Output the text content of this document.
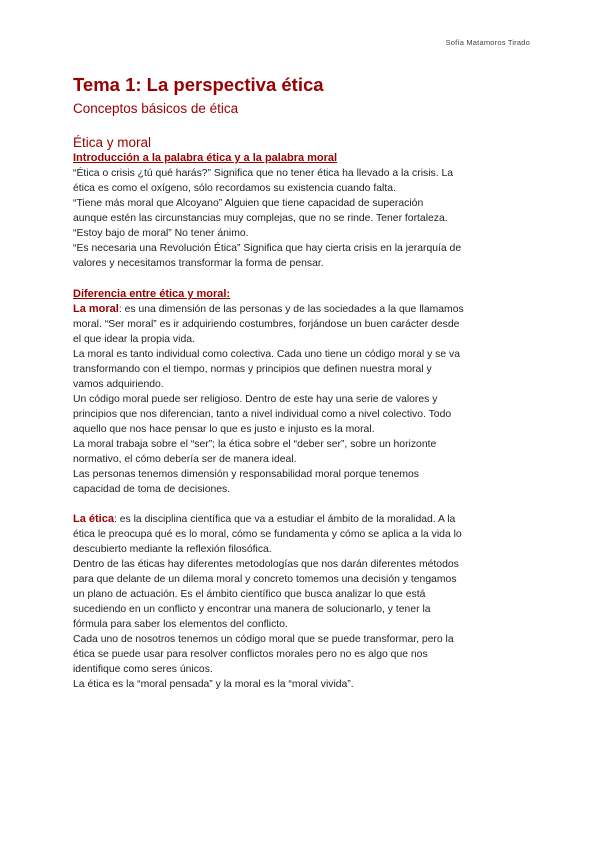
Sofía Matamoros Tirado
Tema 1: La perspectiva ética
Conceptos básicos de ética
Ética y moral
Introducción a la palabra ética y a la palabra moral

“Ética o crisis ¿tú qué harás?” Significa que no tener ética ha llevado a la crisis. La

ética es como el oxígeno, sólo recordamos su existencia cuando falta.

“Tiene más moral que Alcoyano” Alguien que tiene capacidad de superación

aunque estén las circunstancias muy complejas, que no se rinde. Tener fortaleza.

“Estoy bajo de moral” No tener ánimo.

“Es necesaria una Revolución Ética” Significa que hay cierta crisis en la jerarquía de

valores y necesitamos transformar la forma de pensar.

Diferencia entre ética y moral:

La moral: es una dimensión de las personas y de las sociedades a la que llamamos

moral. “Ser moral” es ir adquiriendo costumbres, forjándose un buen carácter desde

el que idear la propia vida.

La moral es tanto individual como colectiva. Cada uno tiene un código moral y se va

transformando con el tiempo, normas y principios que definen nuestra moral y

vamos adquiriendo.

Un código moral puede ser religioso. Dentro de este hay una serie de valores y

principios que nos diferencian, tanto a nivel individual como a nivel colectivo. Todo

aquello que nos hace pensar lo que es justo e injusto es la moral.

La moral trabaja sobre el “ser”; la ética sobre el “deber ser”, sobre un horizonte

normativo, el cómo debería ser de manera ideal.

Las personas tenemos dimensión y responsabilidad moral porque tenemos

capacidad de toma de decisiones.

La ética: es la disciplina científica que va a estudiar el ámbito de la moralidad. A la

ética le preocupa qué es lo moral, cómo se fundamenta y cómo se aplica a la vida lo

descubierto mediante la reflexión filosófica.

Dentro de las éticas hay diferentes metodologías que nos darán diferentes métodos

para que delante de un dilema moral y concreto tomemos una decisión y tengamos

un plano de actuación. Es el ámbito científico que busca analizar lo que está

sucediendo en un conflicto y encontrar una manera de solucionarlo, y tener la

fórmula para saber los elementos del conflicto.

Cada uno de nosotros tenemos un código moral que se puede transformar, pero la

ética se puede usar para resolver conflictos morales pero no es algo que nos

identifique como seres únicos.

La ética es la “moral pensada” y la moral es la “moral vivida”.
